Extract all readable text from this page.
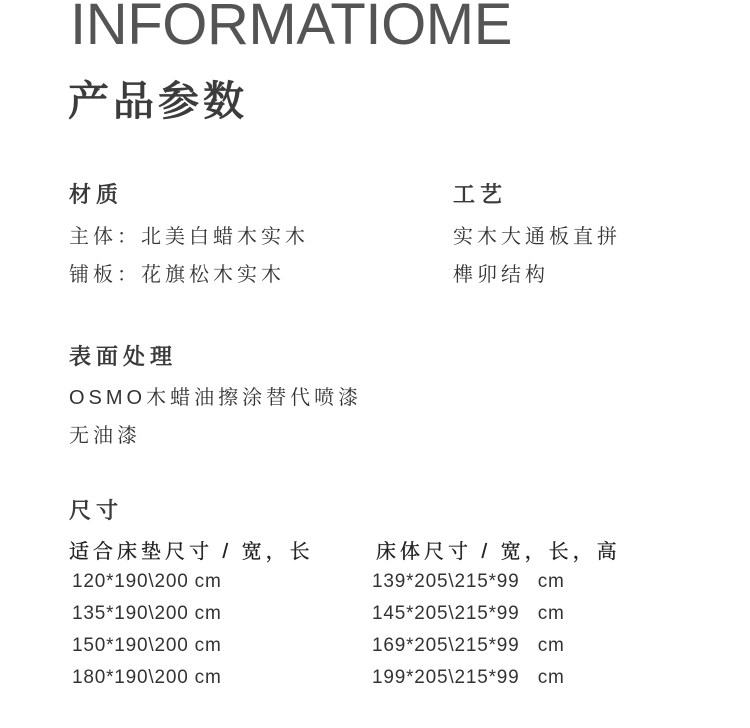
INFORMATIOME
产品参数
材质
主体：北美白蜡木实木
铺板：花旗松木实木
工艺
实木大通板直拼
榫卯结构
表面处理
OSMO木蜡油擦涂替代喷漆
无油漆
尺寸
适合床垫尺寸 / 宽，长
120*190\200 cm
135*190\200 cm
150*190\200 cm
180*190\200 cm
床体尺寸 / 宽，长，高
139*205\215*99   cm
145*205\215*99   cm
169*205\215*99   cm
199*205\215*99   cm
